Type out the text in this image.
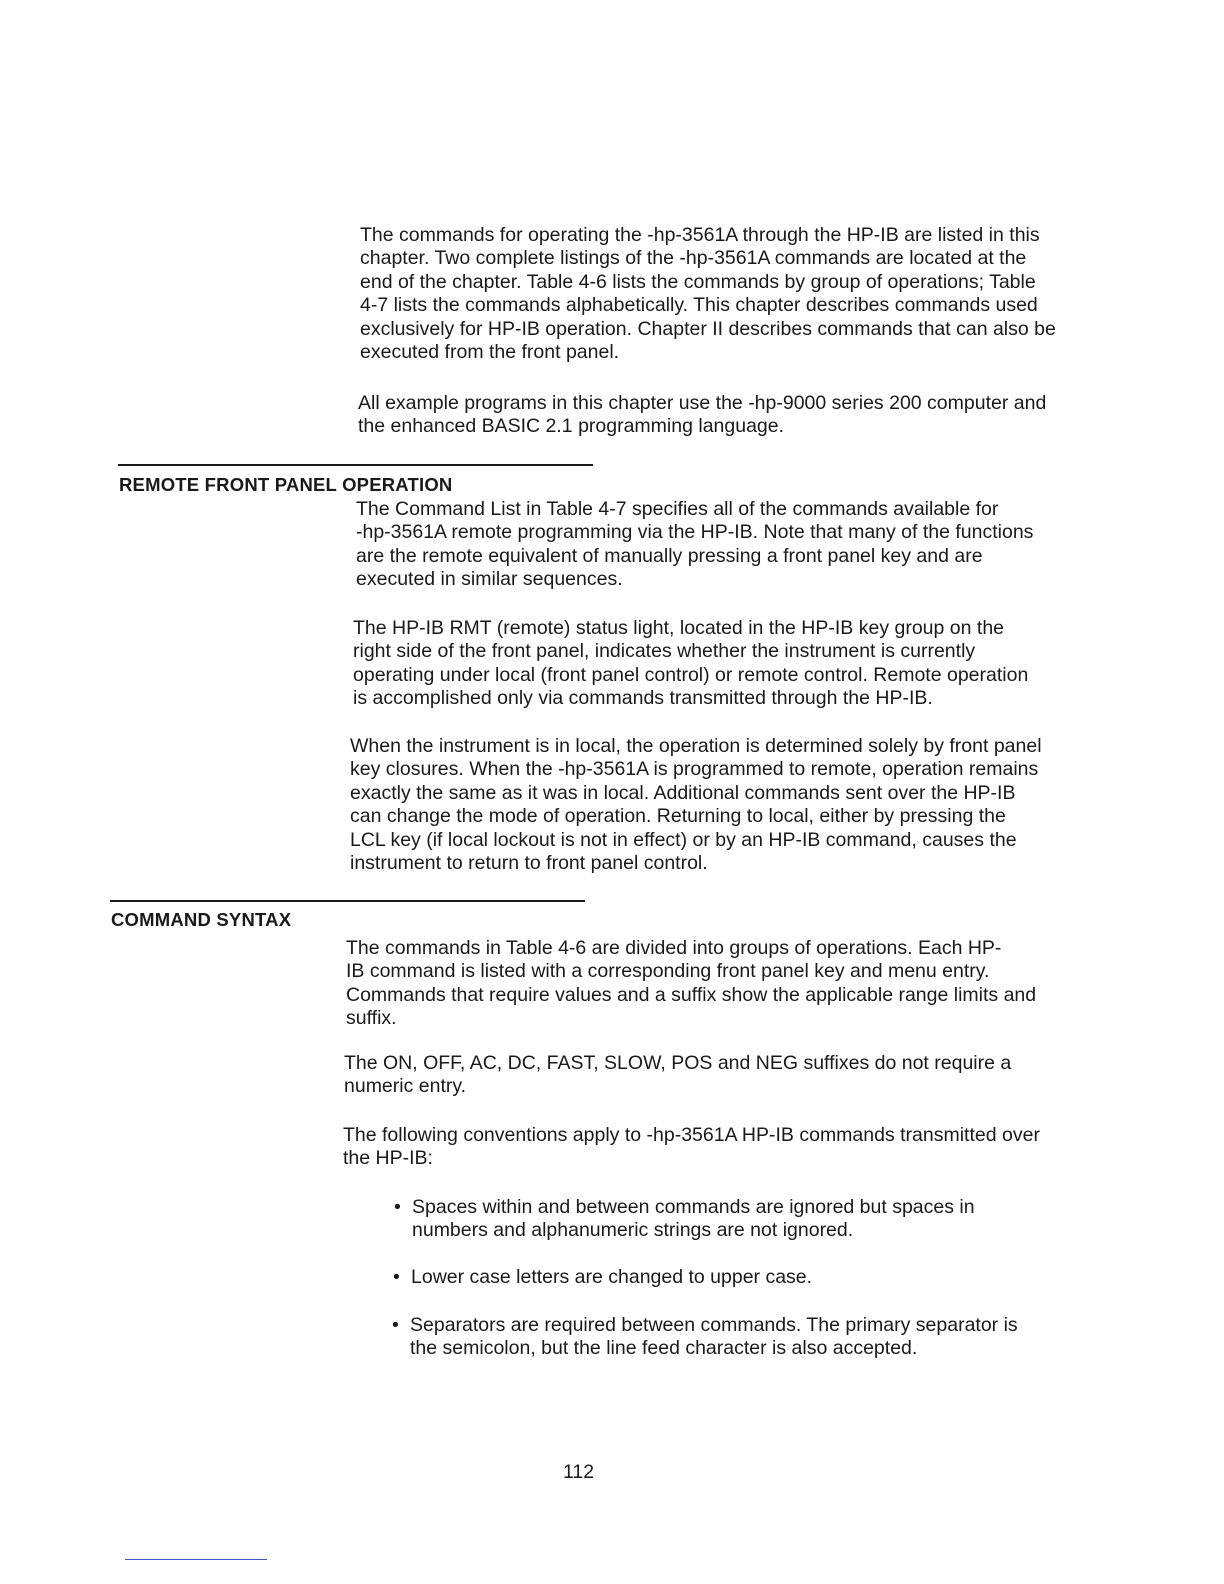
The commands for operating the -hp-3561A through the HP-IB are listed in this
chapter. Two complete listings of the -hp-3561A commands are located at the
end of the chapter. Table 4-6 lists the commands by group of operations; Table
4-7 lists the commands alphabetically. This chapter describes commands used
exclusively for HP-IB operation. Chapter II describes commands that can also be
executed from the front panel.
All example programs in this chapter use the -hp-9000 series 200 computer and
the enhanced BASIC 2.1 programming language.
REMOTE FRONT PANEL OPERATION
The Command List in Table 4-7 specifies all of the commands available for
-hp-3561A remote programming via the HP-IB. Note that many of the functions
are the remote equivalent of manually pressing a front panel key and are
executed in similar sequences.
The HP-IB RMT (remote) status light, located in the HP-IB key group on the
right side of the front panel, indicates whether the instrument is currently
operating under local (front panel control) or remote control. Remote operation
is accomplished only via commands transmitted through the HP-IB.
When the instrument is in local, the operation is determined solely by front panel
key closures. When the -hp-3561A is programmed to remote, operation remains
exactly the same as it was in local. Additional commands sent over the HP-IB
can change the mode of operation. Returning to local, either by pressing the
LCL key (if local lockout is not in effect) or by an HP-IB command, causes the
instrument to return to front panel control.
COMMAND SYNTAX
The commands in Table 4-6 are divided into groups of operations. Each HP-
IB command is listed with a corresponding front panel key and menu entry.
Commands that require values and a suffix show the applicable range limits and
suffix.
The ON, OFF, AC, DC, FAST, SLOW, POS and NEG suffixes do not require a
numeric entry.
The following conventions apply to -hp-3561A HP-IB commands transmitted over
the HP-IB:
• Spaces within and between commands are ignored but spaces in
numbers and alphanumeric strings are not ignored.
• Lower case letters are changed to upper case.
• Separators are required between commands. The primary separator is
the semicolon, but the line feed character is also accepted.
112
